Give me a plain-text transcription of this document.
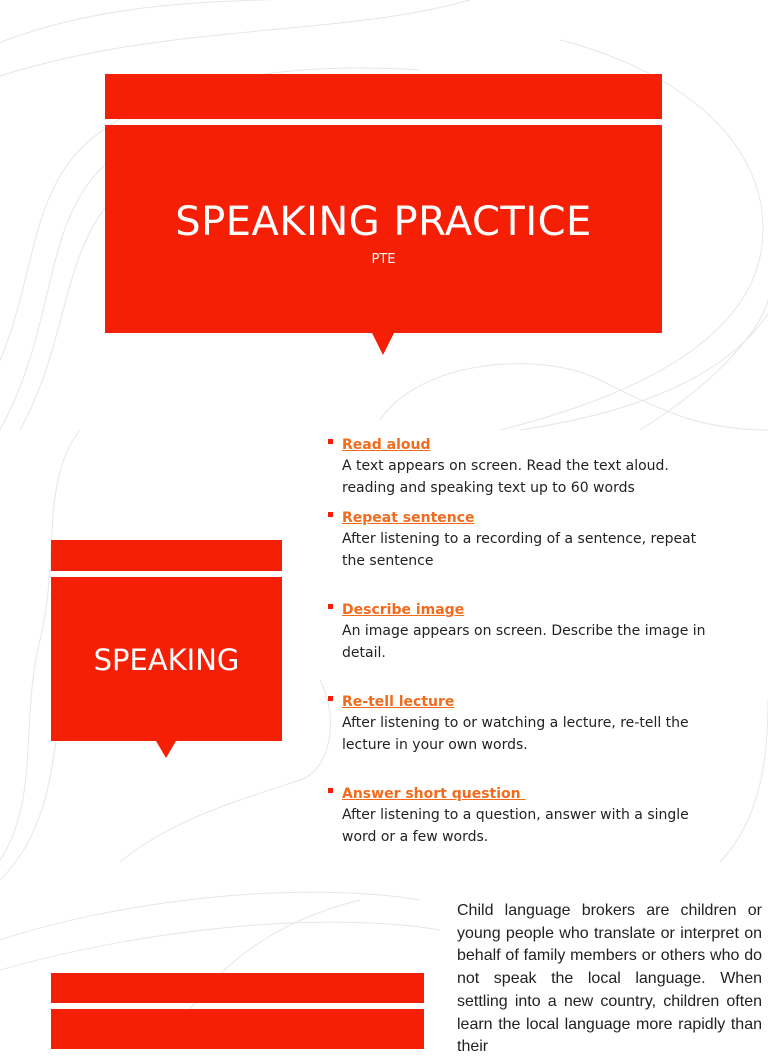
SPEAKING PRACTICE
PTE
SPEAKING
Read aloud
A text appears on screen. Read the text aloud. reading and speaking text up to 60 words
Repeat sentence
After listening to a recording of a sentence, repeat the sentence
Describe image
An image appears on screen. Describe the image in detail.
Re-tell lecture
After listening to or watching a lecture, re-tell the lecture in your own words.
Answer short question
After listening to a question, answer with a single word or a few words.
Child language brokers are children or young people who translate or interpret on behalf of family members or others who do not speak the local language. When settling into a new country, children often learn the local language more rapidly than their
